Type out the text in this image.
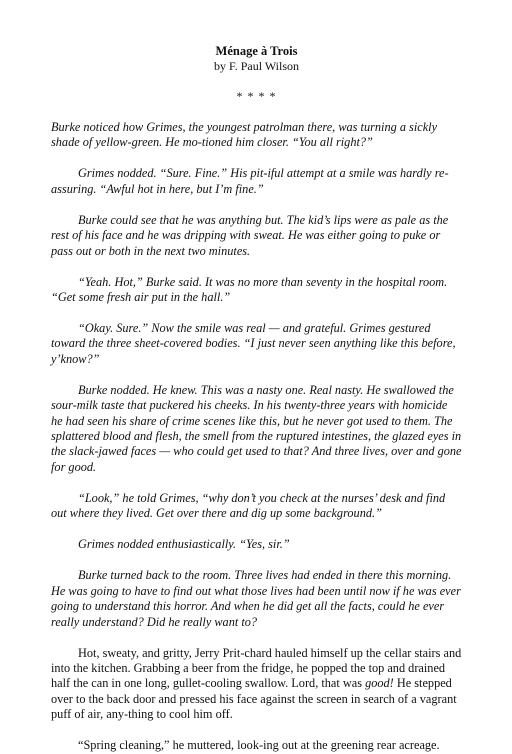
Ménage à Trois

by F. Paul Wilson

* * * *

Burke noticed how Grimes, the youngest patrolman there, was turning a sickly shade of yellow-green. He mo-tioned him closer. “You all right?”

Grimes nodded. “Sure. Fine.” His pit-iful attempt at a smile was hardly re-assuring. “Awful hot in here, but I’m fine.”

Burke could see that he was anything but. The kid’s lips were as pale as the rest of his face and he was dripping with sweat. He was either going to puke or pass out or both in the next two minutes.

“Yeah. Hot,” Burke said. It was no more than seventy in the hospital room. “Get some fresh air put in the hall.”

“Okay. Sure.” Now the smile was real — and grateful. Grimes gestured toward the three sheet-covered bodies. “I just never seen anything like this before, y’know?”

Burke nodded. He knew. This was a nasty one. Real nasty. He swallowed the sour-milk taste that puckered his cheeks. In his twenty-three years with homicide he had seen his share of crime scenes like this, but he never got used to them. The splattered blood and flesh, the smell from the ruptured intestines, the glazed eyes in the slack-jawed faces — who could get used to that? And three lives, over and gone for good.

“Look,” he told Grimes, “why don’t you check at the nurses’ desk and find out where they lived. Get over there and dig up some background.”

Grimes nodded enthusiastically. “Yes, sir.”

Burke turned back to the room. Three lives had ended in there this morning. He was going to have to find out what those lives had been until now if he was ever going to understand this horror. And when he did get all the facts, could he ever really understand? Did he really want to?

Hot, sweaty, and gritty, Jerry Prit-chard hauled himself up the cellar stairs and into the kitchen. Grabbing a beer from the fridge, he popped the top and drained half the can in one long, gullet-cooling swallow. Lord, that was good! He stepped over to the back door and pressed his face against the screen in search of a vagrant puff of air, any-thing to cool him off.

“Spring cleaning,” he muttered, look-ing out at the greening rear acreage.
